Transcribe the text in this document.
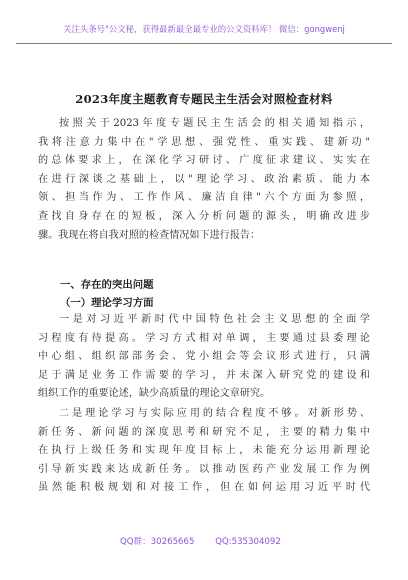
关注头条号"公文秘，获得最新最全最专业的公文资料库！ 微信：gongwenj
2023年度主题教育专题民主生活会对照检查材料

按照关于2023年度专题民主生活会的相关通知指示，

我将注意力集中在"学思想、强党性、重实践、建新功"

的总体要求上，在深化学习研讨、广度征求建议、实实在

在进行深谈之基础上，以"理论学习、政治素质、能力本

领、担当作为、工作作风、廉洁自律"六个方面为参照，

查找自身存在的短板，深入分析问题的源头，明确改进步

骤。我现在将自我对照的检查情况如下进行报告：

一、存在的突出问题
（一）理论学习方面

一是对习近平新时代中国特色社会主义思想的全面学

习程度有待提高。学习方式相对单调，主要通过县委理论

中心组、组织部部务会、党小组会等会议形式进行，只满

足于满足业务工作需要的学习，并未深入研究党的建设和

组织工作的重要论述，缺少高质量的理论文章研究。

二是理论学习与实际应用的结合程度不够。对新形势、

新任务、新问题的深度思考和研究不足，主要的精力集中

在执行上级任务和实现年度目标上，未能充分运用新理论

引导新实践来达成新任务。以推动医药产业发展工作为例

虽然能积极规划和对接工作，但在如何运用习近平时代

QQ群：30265665 QQ:535304092
